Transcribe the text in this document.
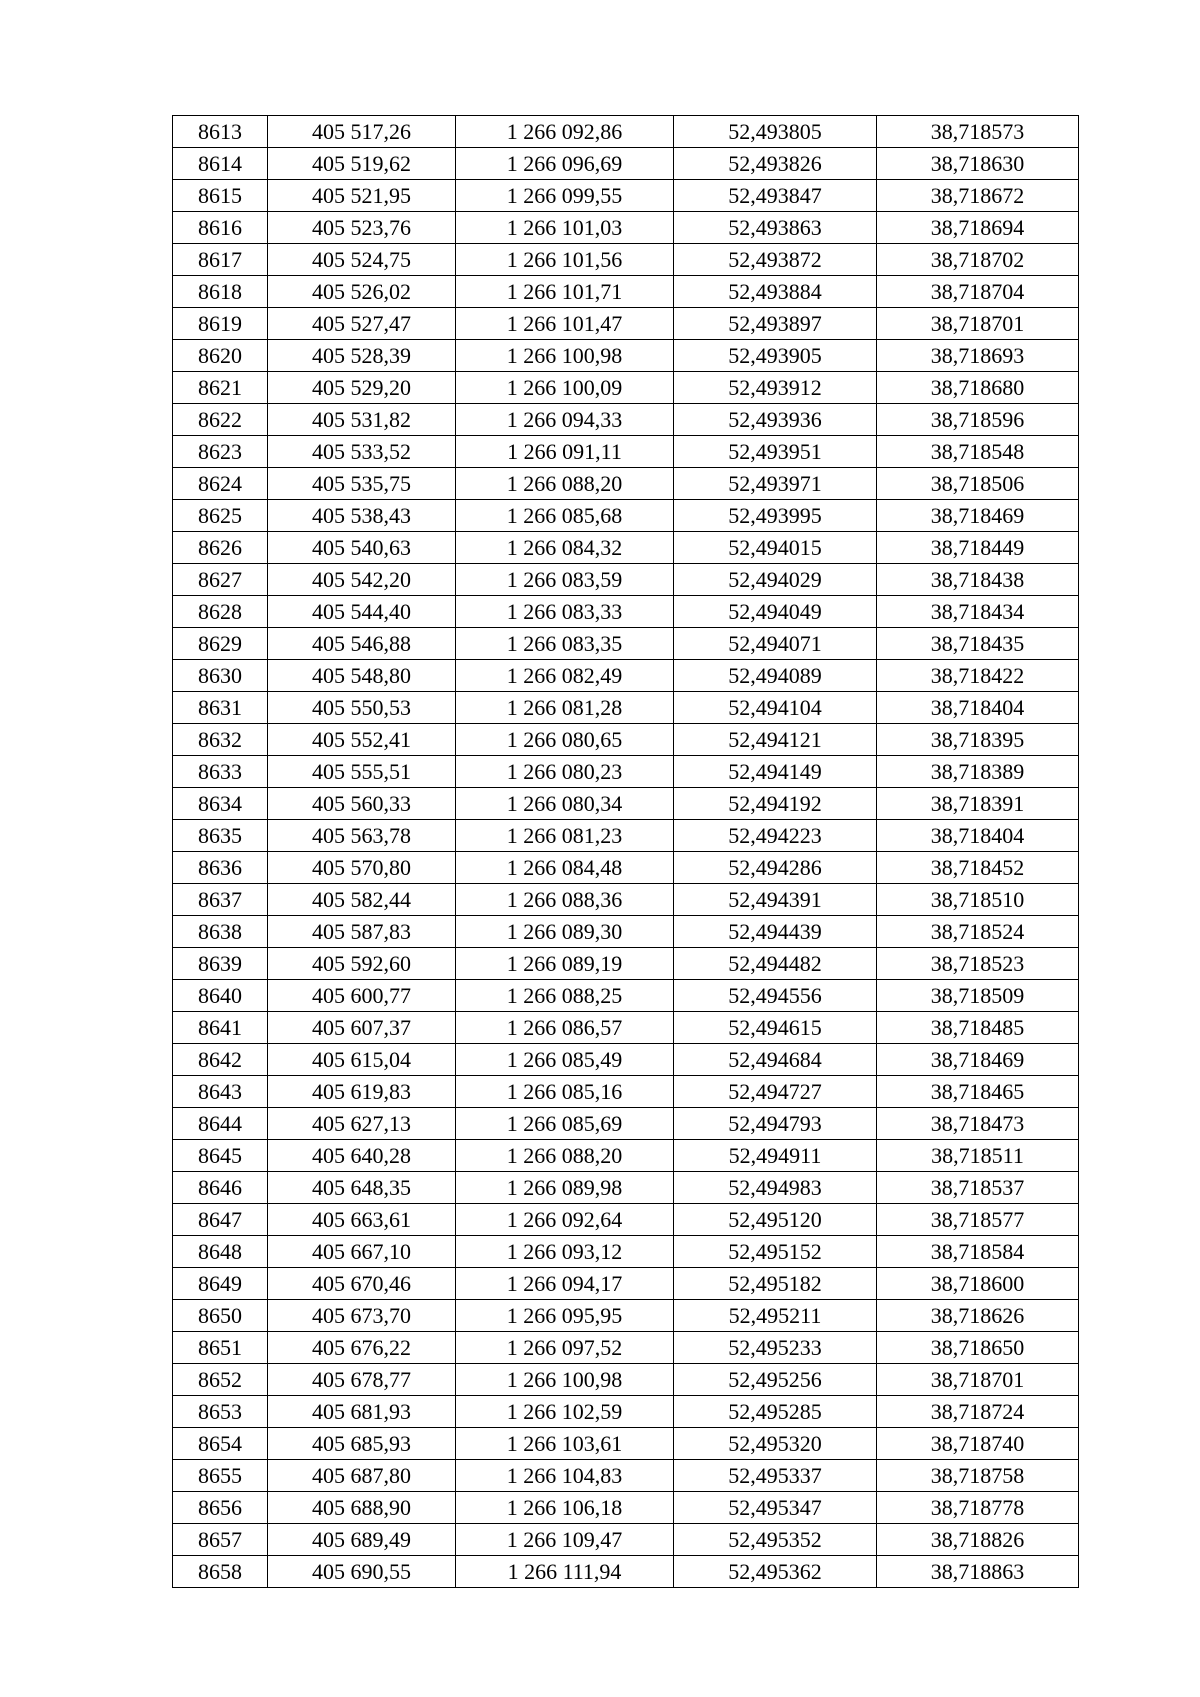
8613	405 517,26	1 266 092,86	52,493805	38,718573
8614	405 519,62	1 266 096,69	52,493826	38,718630
8615	405 521,95	1 266 099,55	52,493847	38,718672
8616	405 523,76	1 266 101,03	52,493863	38,718694
8617	405 524,75	1 266 101,56	52,493872	38,718702
8618	405 526,02	1 266 101,71	52,493884	38,718704
8619	405 527,47	1 266 101,47	52,493897	38,718701
8620	405 528,39	1 266 100,98	52,493905	38,718693
8621	405 529,20	1 266 100,09	52,493912	38,718680
8622	405 531,82	1 266 094,33	52,493936	38,718596
8623	405 533,52	1 266 091,11	52,493951	38,718548
8624	405 535,75	1 266 088,20	52,493971	38,718506
8625	405 538,43	1 266 085,68	52,493995	38,718469
8626	405 540,63	1 266 084,32	52,494015	38,718449
8627	405 542,20	1 266 083,59	52,494029	38,718438
8628	405 544,40	1 266 083,33	52,494049	38,718434
8629	405 546,88	1 266 083,35	52,494071	38,718435
8630	405 548,80	1 266 082,49	52,494089	38,718422
8631	405 550,53	1 266 081,28	52,494104	38,718404
8632	405 552,41	1 266 080,65	52,494121	38,718395
8633	405 555,51	1 266 080,23	52,494149	38,718389
8634	405 560,33	1 266 080,34	52,494192	38,718391
8635	405 563,78	1 266 081,23	52,494223	38,718404
8636	405 570,80	1 266 084,48	52,494286	38,718452
8637	405 582,44	1 266 088,36	52,494391	38,718510
8638	405 587,83	1 266 089,30	52,494439	38,718524
8639	405 592,60	1 266 089,19	52,494482	38,718523
8640	405 600,77	1 266 088,25	52,494556	38,718509
8641	405 607,37	1 266 086,57	52,494615	38,718485
8642	405 615,04	1 266 085,49	52,494684	38,718469
8643	405 619,83	1 266 085,16	52,494727	38,718465
8644	405 627,13	1 266 085,69	52,494793	38,718473
8645	405 640,28	1 266 088,20	52,494911	38,718511
8646	405 648,35	1 266 089,98	52,494983	38,718537
8647	405 663,61	1 266 092,64	52,495120	38,718577
8648	405 667,10	1 266 093,12	52,495152	38,718584
8649	405 670,46	1 266 094,17	52,495182	38,718600
8650	405 673,70	1 266 095,95	52,495211	38,718626
8651	405 676,22	1 266 097,52	52,495233	38,718650
8652	405 678,77	1 266 100,98	52,495256	38,718701
8653	405 681,93	1 266 102,59	52,495285	38,718724
8654	405 685,93	1 266 103,61	52,495320	38,718740
8655	405 687,80	1 266 104,83	52,495337	38,718758
8656	405 688,90	1 266 106,18	52,495347	38,718778
8657	405 689,49	1 266 109,47	52,495352	38,718826
8658	405 690,55	1 266 111,94	52,495362	38,718863
